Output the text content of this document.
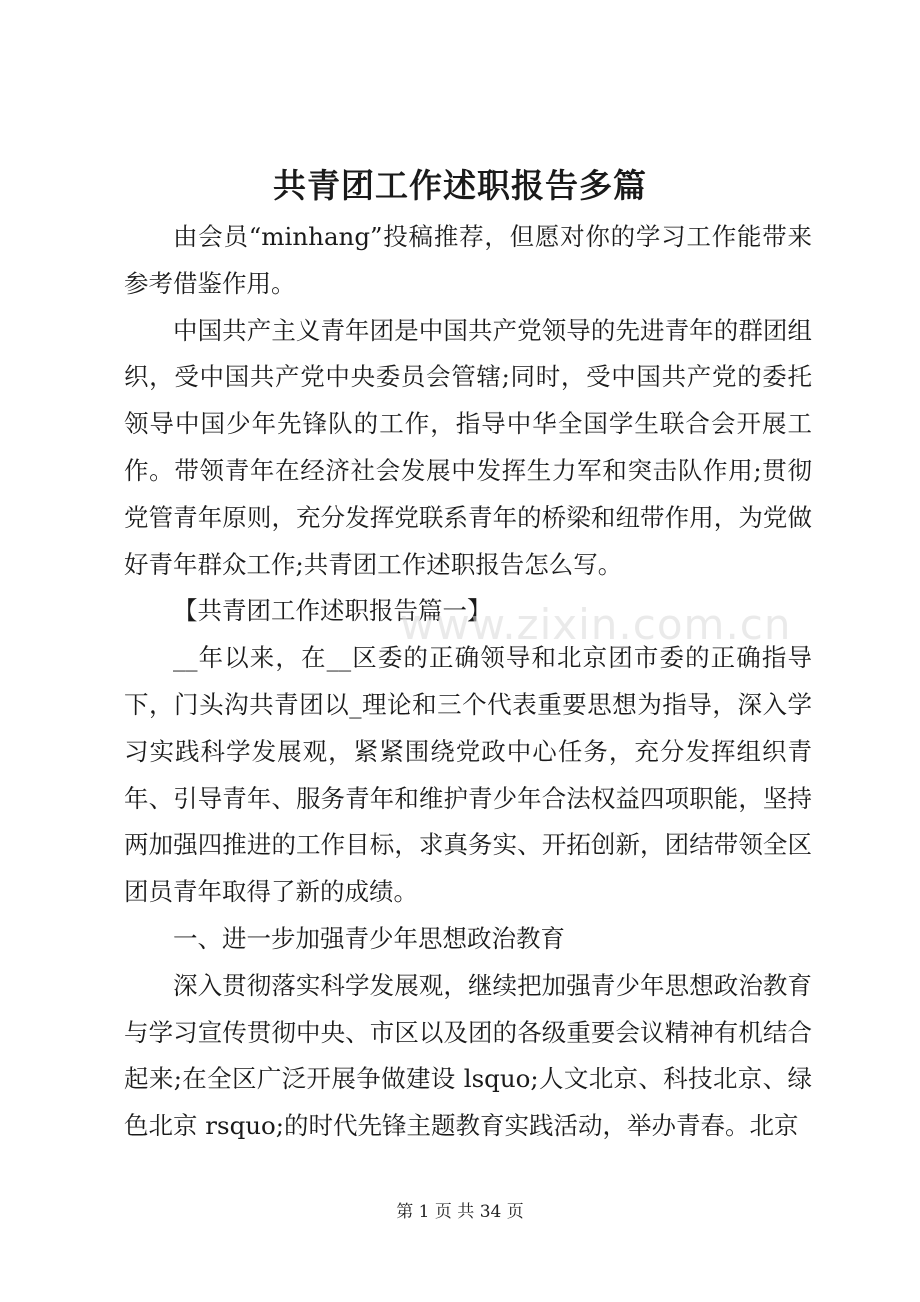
共青团工作述职报告多篇

由会员“minhang”投稿推荐，但愿对你的学习工作能带来参考借鉴作用。

中国共产主义青年团是中国共产党领导的先进青年的群团组织，受中国共产党中央委员会管辖;同时，受中国共产党的委托领导中国少年先锋队的工作，指导中华全国学生联合会开展工作。带领青年在经济社会发展中发挥生力军和突击队作用;贯彻党管青年原则，充分发挥党联系青年的桥梁和纽带作用，为党做好青年群众工作;共青团工作述职报告怎么写。

【共青团工作述职报告篇一】

__年以来，在__区委的正确领导和北京团市委的正确指导下，门头沟共青团以_理论和三个代表重要思想为指导，深入学习实践科学发展观，紧紧围绕党政中心任务，充分发挥组织青年、引导青年、服务青年和维护青少年合法权益四项职能，坚持两加强四推进的工作目标，求真务实、开拓创新，团结带领全区团员青年取得了新的成绩。

一、进一步加强青少年思想政治教育

深入贯彻落实科学发展观，继续把加强青少年思想政治教育与学习宣传贯彻中央、市区以及团的各级重要会议精神有机结合起来;在全区广泛开展争做建设 lsquo;人文北京、科技北京、绿色北京 rsquo;的时代先锋主题教育实践活动，举办青春。北京

www.zixin.com.cn
第 1 页 共 34 页
